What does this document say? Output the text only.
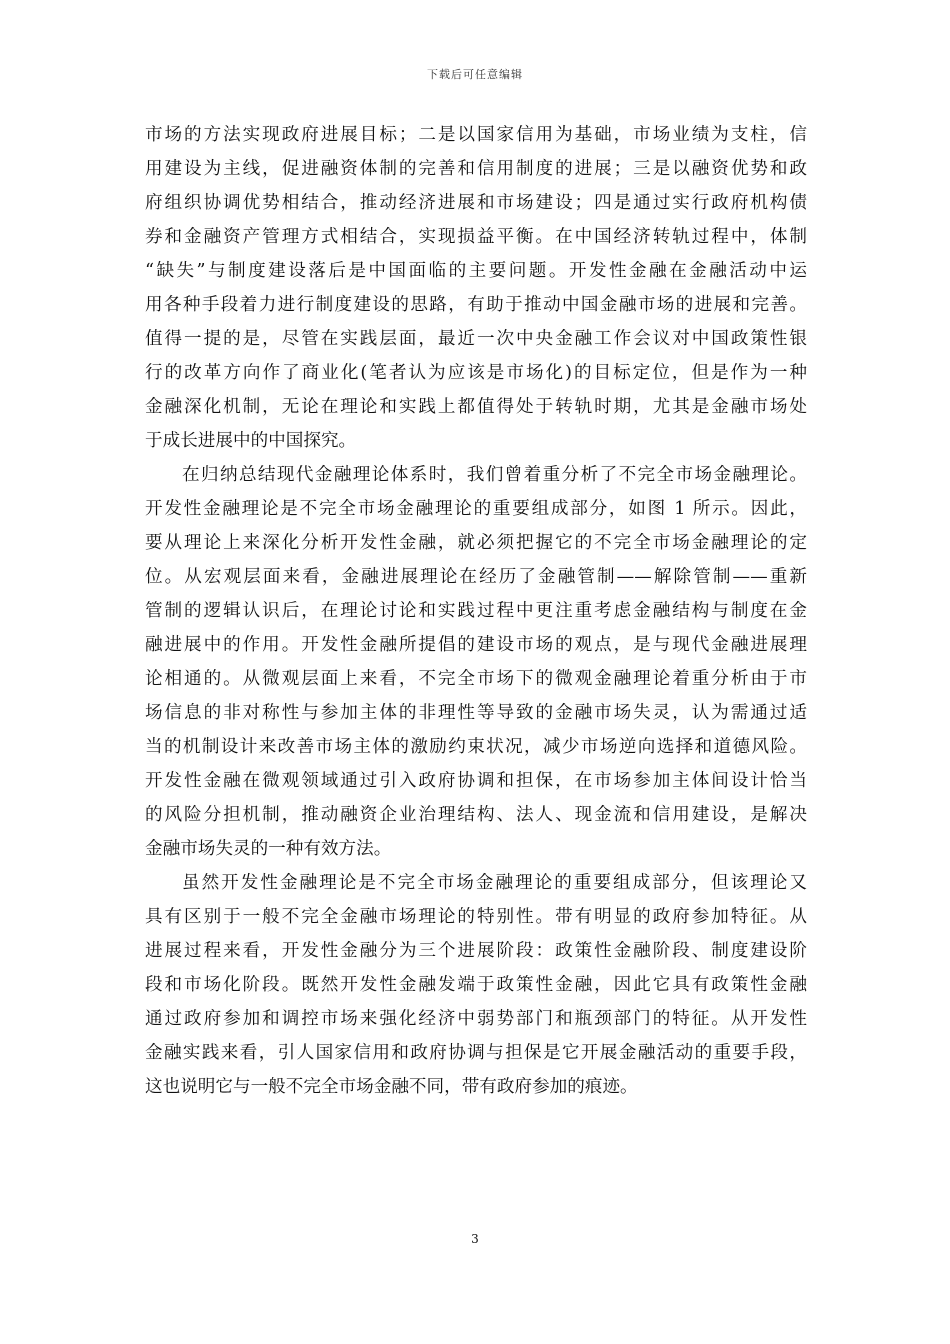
下载后可任意编辑
市场的方法实现政府进展目标；二是以国家信用为基础，市场业绩为支柱，信
用建设为主线，促进融资体制的完善和信用制度的进展；三是以融资优势和政
府组织协调优势相结合，推动经济进展和市场建设；四是通过实行政府机构债
券和金融资产管理方式相结合，实现损益平衡。在中国经济转轨过程中，体制
“缺失”与制度建设落后是中国面临的主要问题。开发性金融在金融活动中运
用各种手段着力进行制度建设的思路，有助于推动中国金融市场的进展和完善。
值得一提的是，尽管在实践层面，最近一次中央金融工作会议对中国政策性银
行的改革方向作了商业化(笔者认为应该是市场化)的目标定位，但是作为一种
金融深化机制，无论在理论和实践上都值得处于转轨时期，尤其是金融市场处
于成长进展中的中国探究。
在归纳总结现代金融理论体系时，我们曾着重分析了不完全市场金融理论。
开发性金融理论是不完全市场金融理论的重要组成部分，如图 1 所示。因此，
要从理论上来深化分析开发性金融，就必须把握它的不完全市场金融理论的定
位。从宏观层面来看，金融进展理论在经历了金融管制——解除管制——重新
管制的逻辑认识后，在理论讨论和实践过程中更注重考虑金融结构与制度在金
融进展中的作用。开发性金融所提倡的建设市场的观点，是与现代金融进展理
论相通的。从微观层面上来看，不完全市场下的微观金融理论着重分析由于市
场信息的非对称性与参加主体的非理性等导致的金融市场失灵，认为需通过适
当的机制设计来改善市场主体的激励约束状况，减少市场逆向选择和道德风险。
开发性金融在微观领域通过引入政府协调和担保，在市场参加主体间设计恰当
的风险分担机制，推动融资企业治理结构、法人、现金流和信用建设，是解决
金融市场失灵的一种有效方法。
虽然开发性金融理论是不完全市场金融理论的重要组成部分，但该理论又
具有区别于一般不完全金融市场理论的特别性。带有明显的政府参加特征。从
进展过程来看，开发性金融分为三个进展阶段：政策性金融阶段、制度建设阶
段和市场化阶段。既然开发性金融发端于政策性金融，因此它具有政策性金融
通过政府参加和调控市场来强化经济中弱势部门和瓶颈部门的特征。从开发性
金融实践来看，引人国家信用和政府协调与担保是它开展金融活动的重要手段，
这也说明它与一般不完全市场金融不同，带有政府参加的痕迹。
3
